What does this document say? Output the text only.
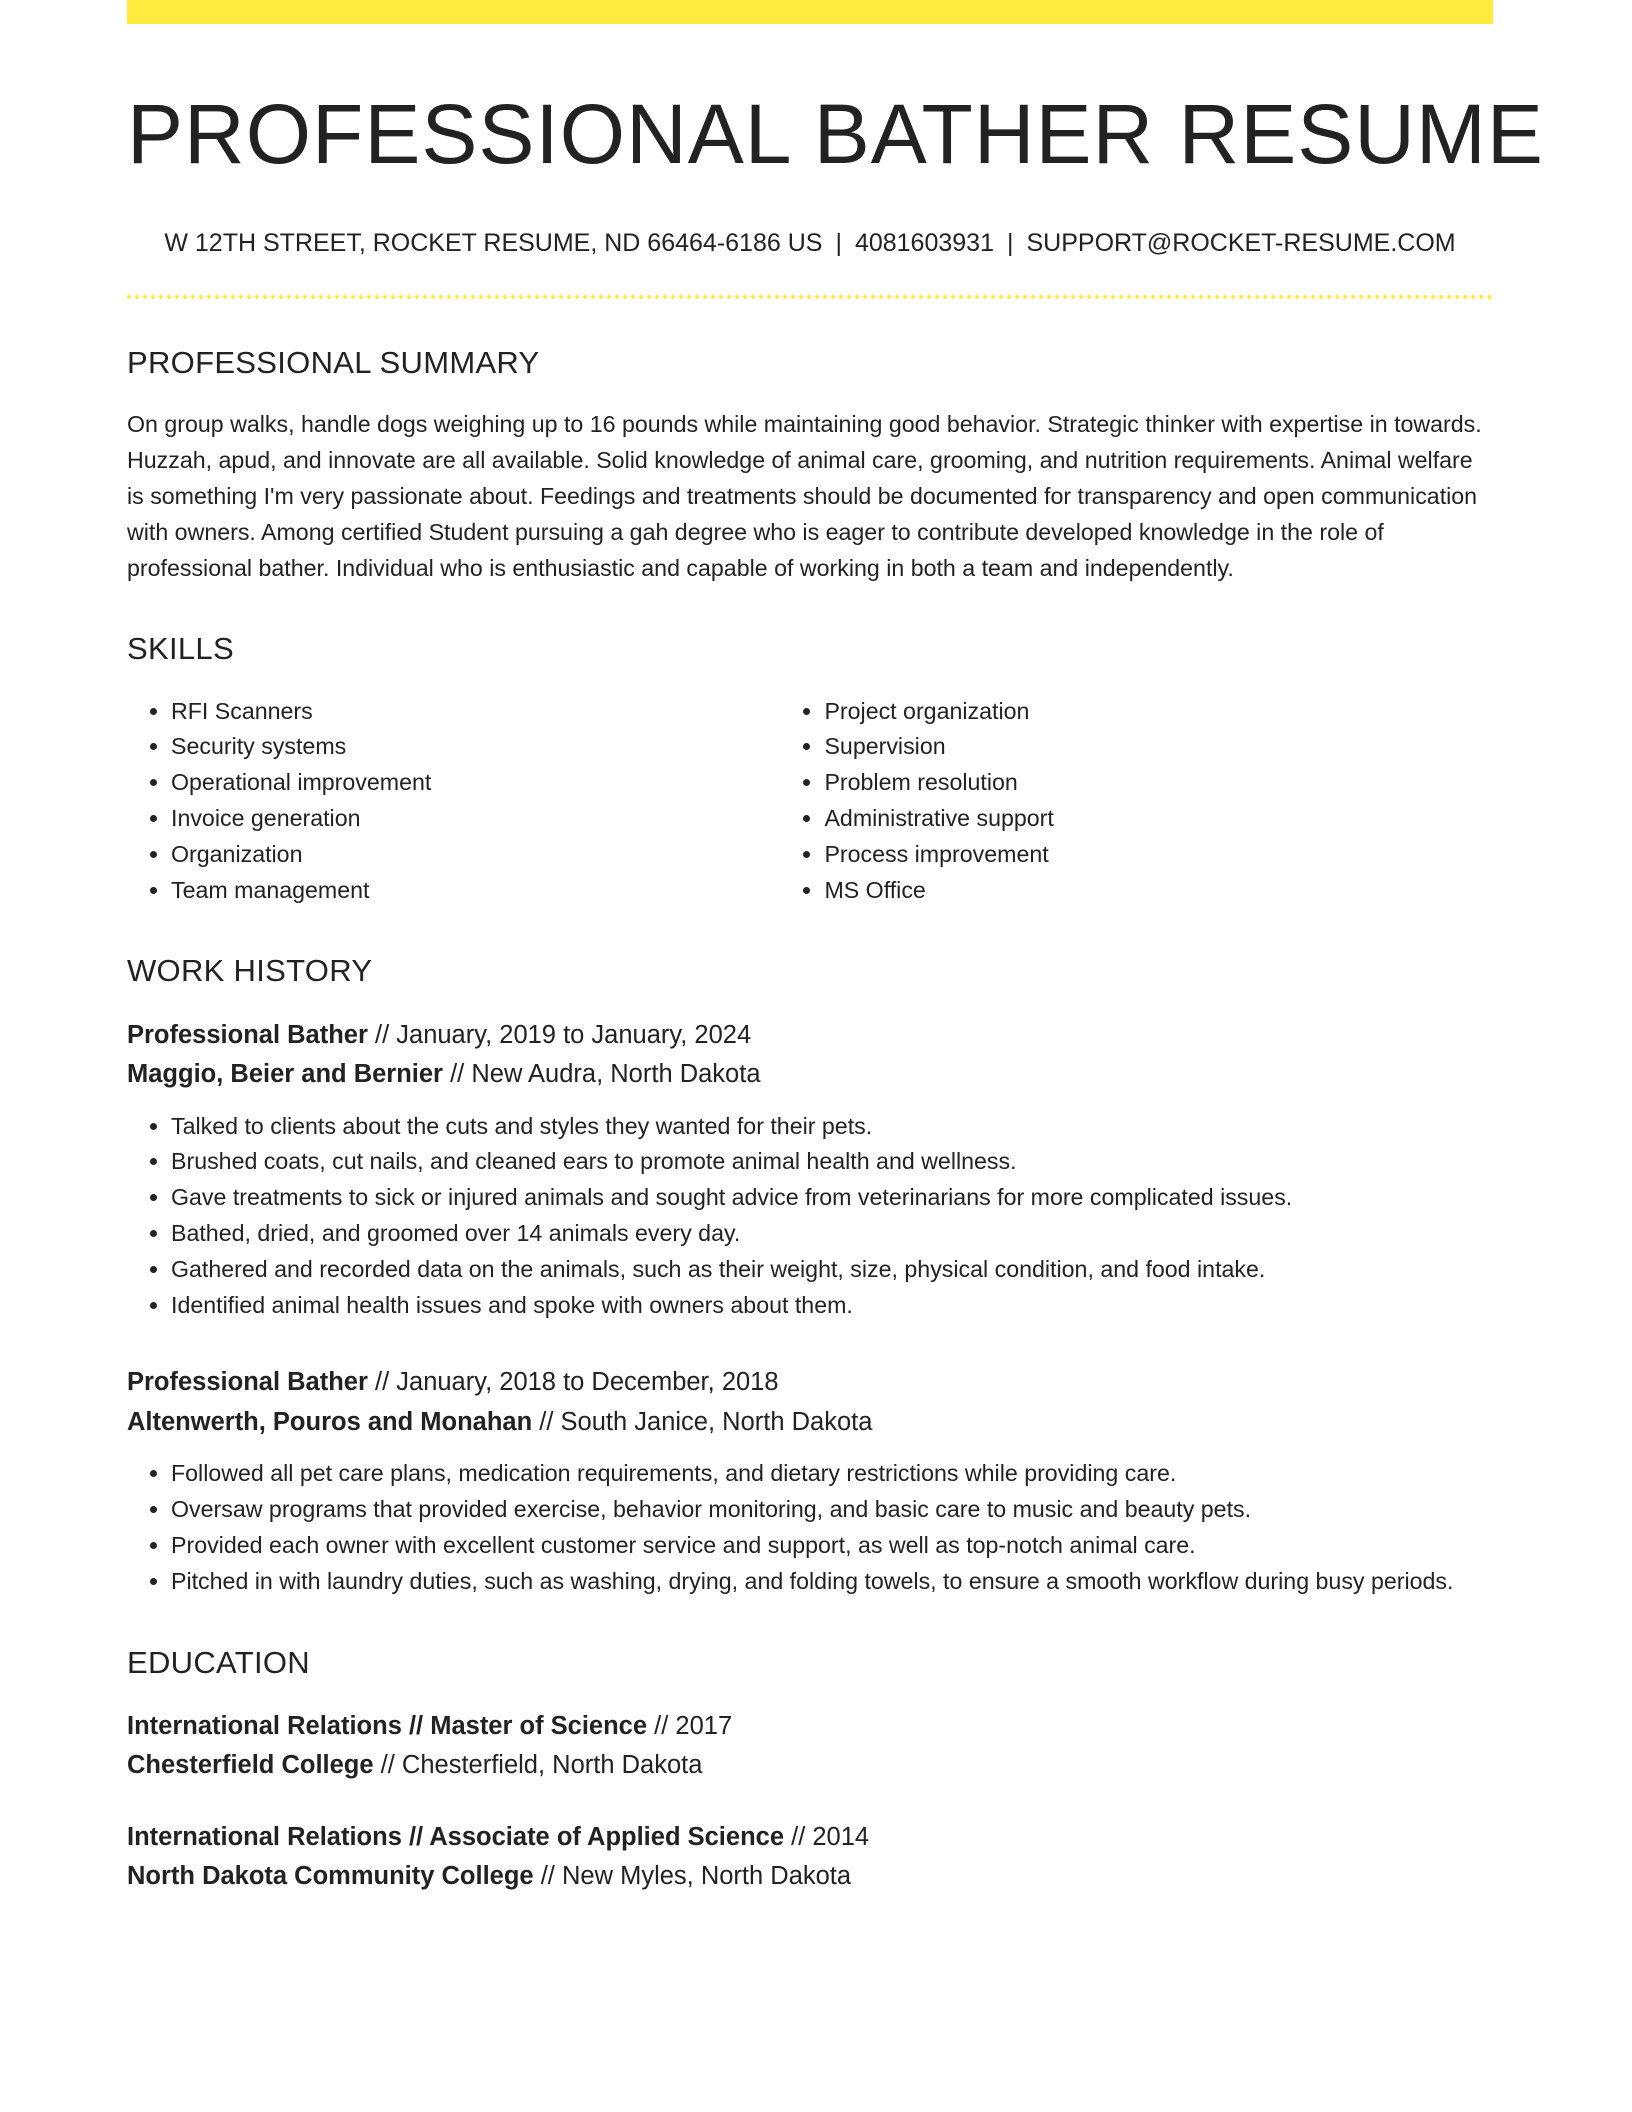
PROFESSIONAL BATHER RESUME
W 12TH STREET, ROCKET RESUME, ND 66464-6186 US | 4081603931 | SUPPORT@ROCKET-RESUME.COM
PROFESSIONAL SUMMARY
On group walks, handle dogs weighing up to 16 pounds while maintaining good behavior. Strategic thinker with expertise in towards. Huzzah, apud, and innovate are all available. Solid knowledge of animal care, grooming, and nutrition requirements. Animal welfare is something I'm very passionate about. Feedings and treatments should be documented for transparency and open communication with owners. Among certified Student pursuing a gah degree who is eager to contribute developed knowledge in the role of professional bather. Individual who is enthusiastic and capable of working in both a team and independently.
SKILLS
• RFI Scanners
• Security systems
• Operational improvement
• Invoice generation
• Organization
• Team management
• Project organization
• Supervision
• Problem resolution
• Administrative support
• Process improvement
• MS Office
WORK HISTORY
Professional Bather // January, 2019 to January, 2024
Maggio, Beier and Bernier // New Audra, North Dakota
• Talked to clients about the cuts and styles they wanted for their pets.
• Brushed coats, cut nails, and cleaned ears to promote animal health and wellness.
• Gave treatments to sick or injured animals and sought advice from veterinarians for more complicated issues.
• Bathed, dried, and groomed over 14 animals every day.
• Gathered and recorded data on the animals, such as their weight, size, physical condition, and food intake.
• Identified animal health issues and spoke with owners about them.
Professional Bather // January, 2018 to December, 2018
Altenwerth, Pouros and Monahan // South Janice, North Dakota
• Followed all pet care plans, medication requirements, and dietary restrictions while providing care.
• Oversaw programs that provided exercise, behavior monitoring, and basic care to music and beauty pets.
• Provided each owner with excellent customer service and support, as well as top-notch animal care.
• Pitched in with laundry duties, such as washing, drying, and folding towels, to ensure a smooth workflow during busy periods.
EDUCATION
International Relations // Master of Science // 2017
Chesterfield College // Chesterfield, North Dakota
International Relations // Associate of Applied Science // 2014
North Dakota Community College // New Myles, North Dakota
